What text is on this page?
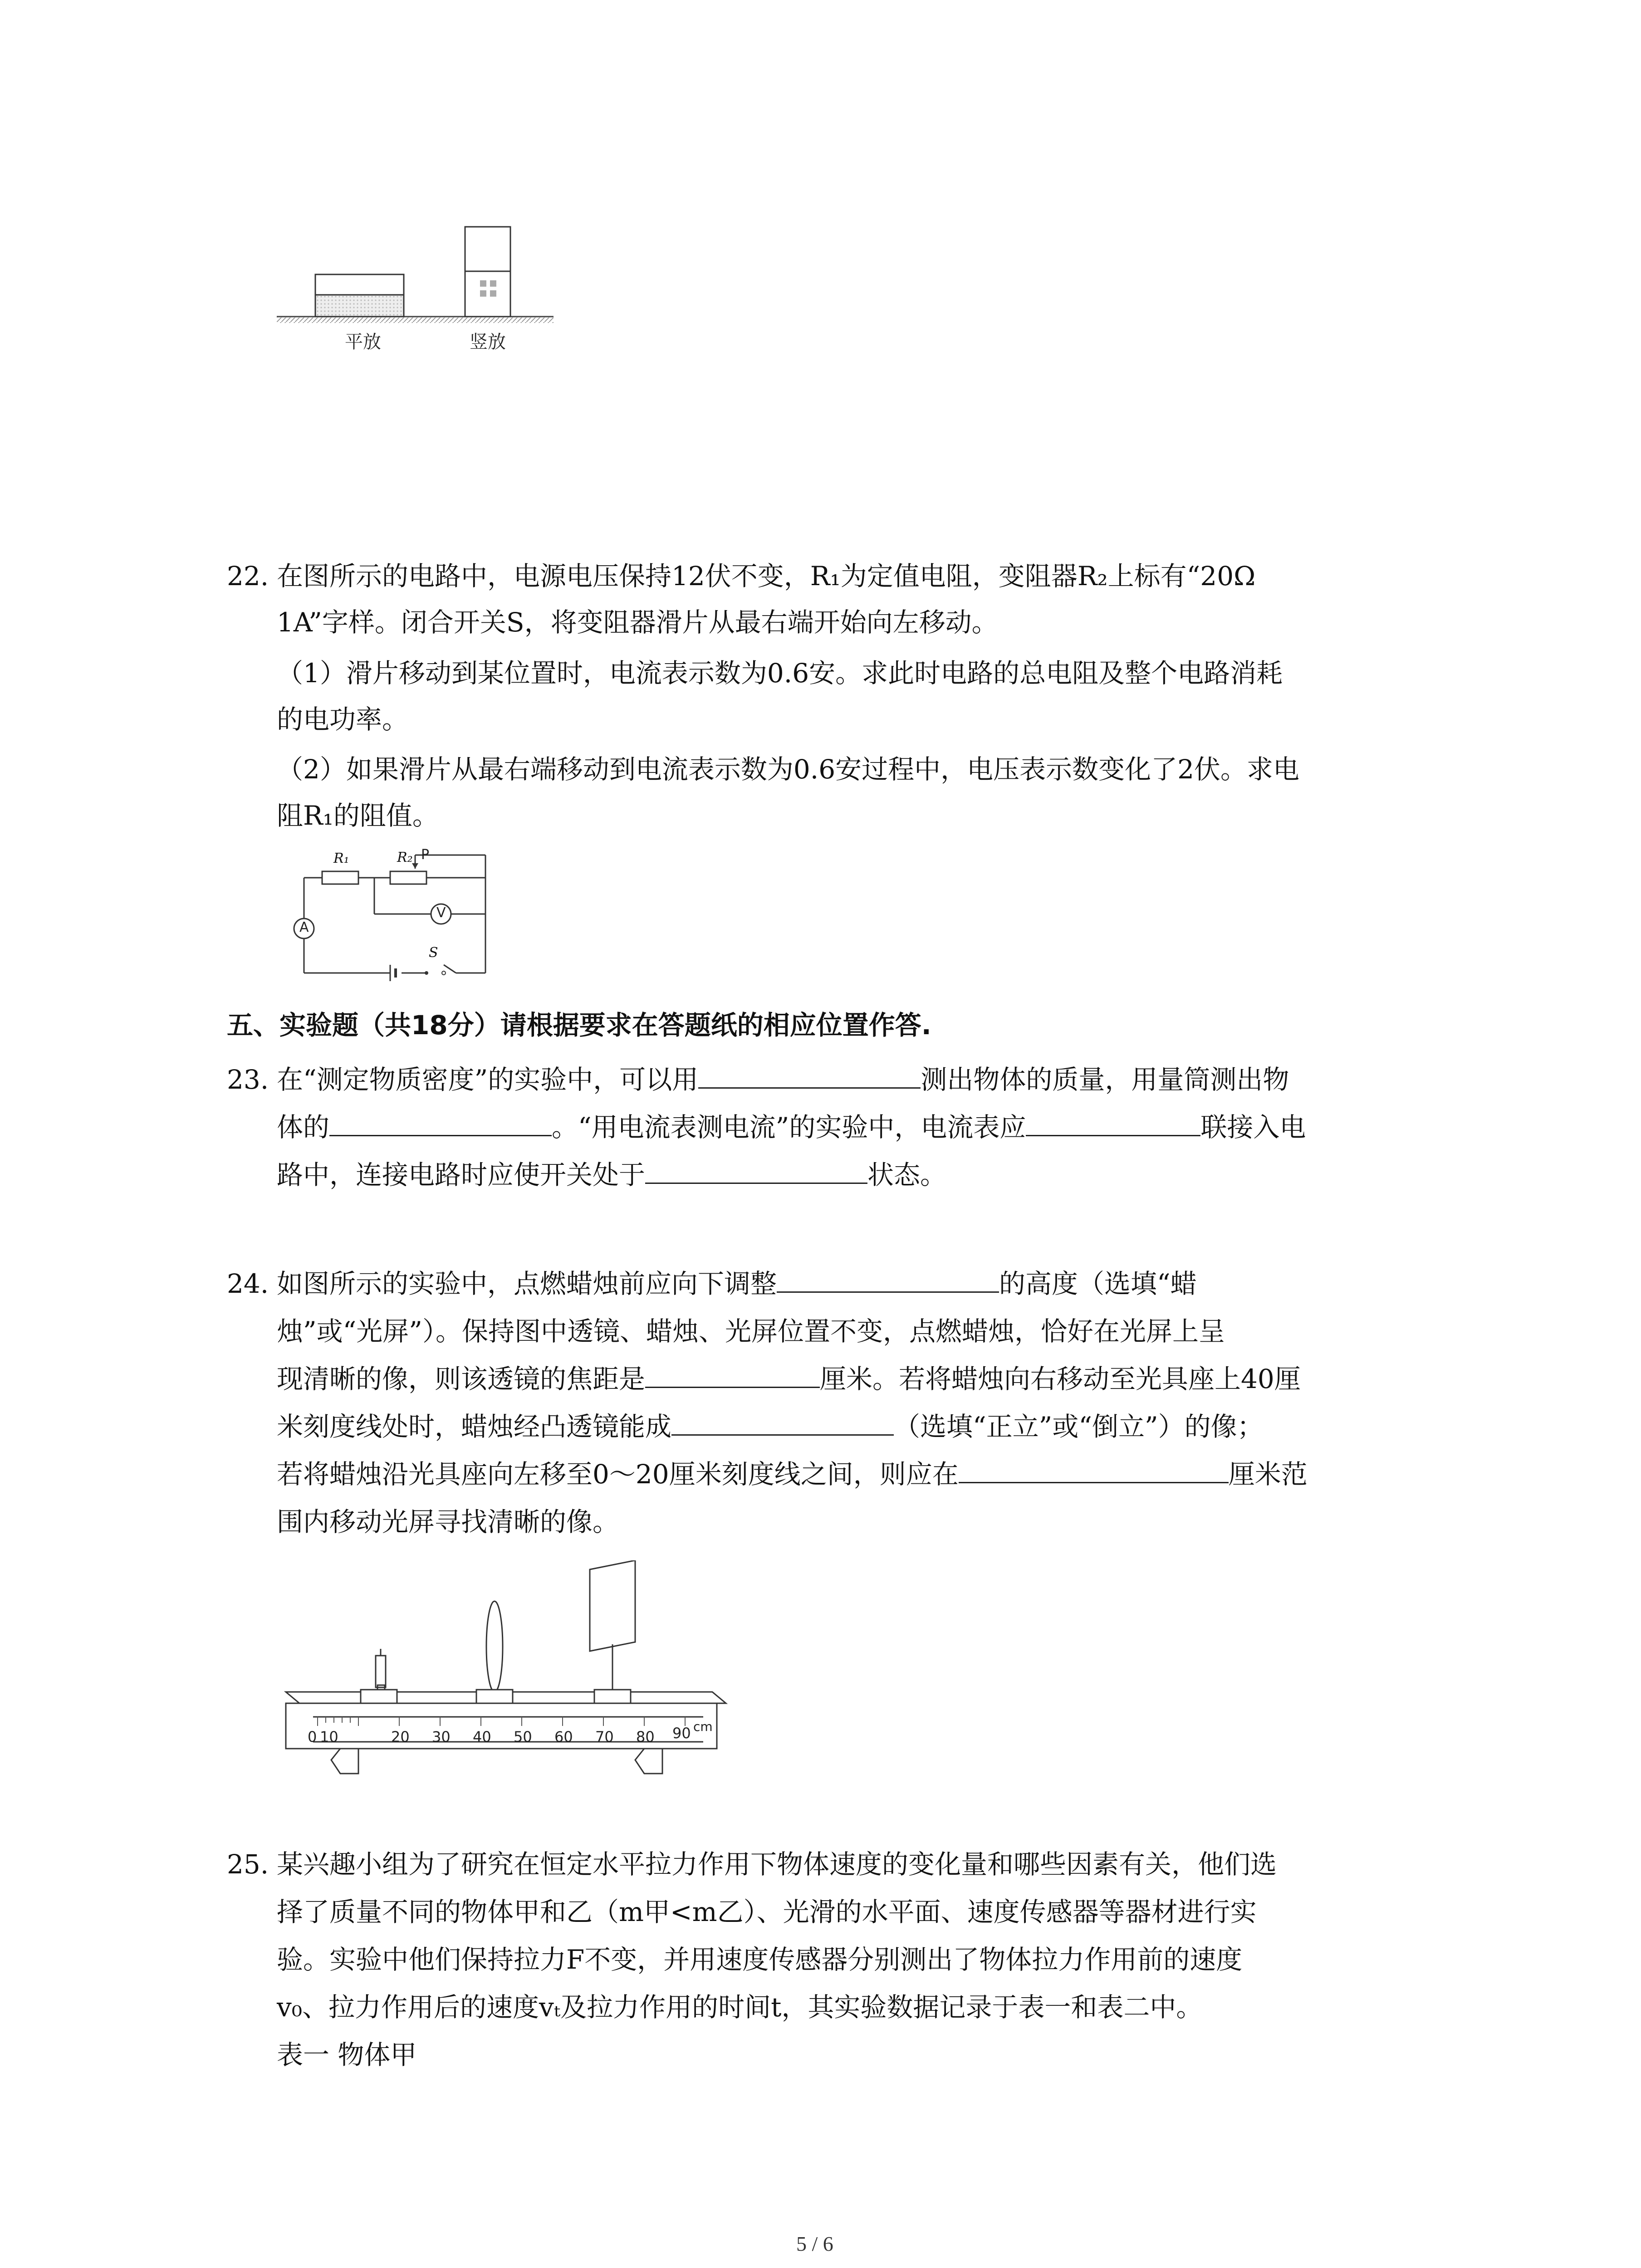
平放	竖放
22. 在图所示的电路中，电源电压保持12伏不变，R₁为定值电阻，变阻器R₂上标有“20Ω
1A”字样。闭合开关S，将变阻器滑片从最右端开始向左移动。
（1）滑片移动到某位置时，电流表示数为0.6安。求此时电路的总电阻及整个电路消耗
的电功率。
（2）如果滑片从最右端移动到电流表示数为0.6安过程中，电压表示数变化了2伏。求电
阻R₁的阻值。
R₁	R₂ P
A
V
S
五、实验题（共18分）请根据要求在答题纸的相应位置作答.
23. 在“测定物质密度”的实验中，可以用	测出物体的质量，用量筒测出物
体的	。“用电流表测电流”的实验中，电流表应	联接入电
路中，连接电路时应使开关处于	状态。
24. 如图所示的实验中，点燃蜡烛前应向下调整	的高度（选填“蜡
烛”或“光屏”）。保持图中透镜、蜡烛、光屏位置不变，点燃蜡烛，恰好在光屏上呈
现清晰的像，则该透镜的焦距是	厘米。若将蜡烛向右移动至光具座上40厘
米刻度线处时，蜡烛经凸透镜能成	（选填“正立”或“倒立”）的像；
若将蜡烛沿光具座向左移至0～20厘米刻度线之间，则应在	厘米范
围内移动光屏寻找清晰的像。
0 10	20 30 40 50 60 70 80 90 cm
25. 某兴趣小组为了研究在恒定水平拉力作用下物体速度的变化量和哪些因素有关，他们选
择了质量不同的物体甲和乙（m甲<m乙）、光滑的水平面、速度传感器等器材进行实
验。实验中他们保持拉力F不变，并用速度传感器分别测出了物体拉力作用前的速度
v₀、拉力作用后的速度vₜ及拉力作用的时间t，其实验数据记录于表一和表二中。
表一 物体甲
5 / 6
